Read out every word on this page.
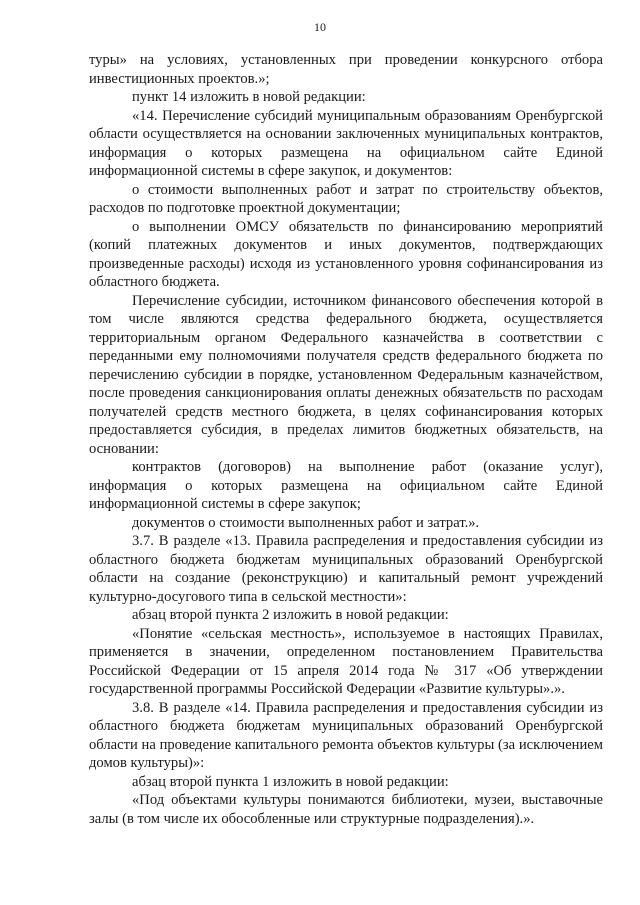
10

туры» на условиях, установленных при проведении конкурсного отбора инвестиционных проектов.»;

пункт 14 изложить в новой редакции:

«14. Перечисление субсидий муниципальным образованиям Оренбургской области осуществляется на основании заключенных муниципальных контрактов, информация о которых размещена на официальном сайте Единой информационной системы в сфере закупок, и документов:

о стоимости выполненных работ и затрат по строительству объектов, расходов по подготовке проектной документации;

о выполнении ОМСУ обязательств по финансированию мероприятий (копий платежных документов и иных документов, подтверждающих произведенные расходы) исходя из установленного уровня софинансирования из областного бюджета.

Перечисление субсидии, источником финансового обеспечения которой в том числе являются средства федерального бюджета, осуществляется территориальным органом Федерального казначейства в соответствии с переданными ему полномочиями получателя средств федерального бюджета по перечислению субсидии в порядке, установленном Федеральным казначейством, после проведения санкционирования оплаты денежных обязательств по расходам получателей средств местного бюджета, в целях софинансирования которых предоставляется субсидия, в пределах лимитов бюджетных обязательств, на основании:

контрактов (договоров) на выполнение работ (оказание услуг), информация о которых размещена на официальном сайте Единой информационной системы в сфере закупок;

документов о стоимости выполненных работ и затрат.».

3.7. В разделе «13. Правила распределения и предоставления субсидии из областного бюджета бюджетам муниципальных образований Оренбургской области на создание (реконструкцию) и капитальный ремонт учреждений культурно-досугового типа в сельской местности»:

абзац второй пункта 2 изложить в новой редакции:

«Понятие «сельская местность», используемое в настоящих Правилах, применяется в значении, определенном постановлением Правительства Российской Федерации от 15 апреля 2014 года № 317 «Об утверждении государственной программы Российской Федерации «Развитие культуры».».

3.8. В разделе «14. Правила распределения и предоставления субсидии из областного бюджета бюджетам муниципальных образований Оренбургской области на проведение капитального ремонта объектов культуры (за исключением домов культуры)»:

абзац второй пункта 1 изложить в новой редакции:

«Под объектами культуры понимаются библиотеки, музеи, выставочные залы (в том числе их обособленные или структурные подразделения).».
